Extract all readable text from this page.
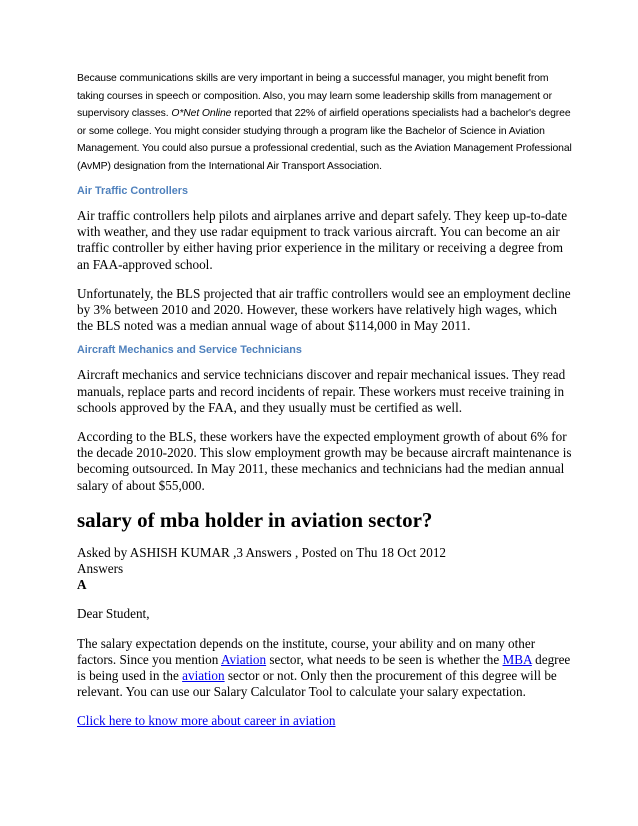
Because communications skills are very important in being a successful manager, you might benefit from taking courses in speech or composition. Also, you may learn some leadership skills from management or supervisory classes. O*Net Online reported that 22% of airfield operations specialists had a bachelor's degree or some college. You might consider studying through a program like the Bachelor of Science in Aviation Management. You could also pursue a professional credential, such as the Aviation Management Professional (AvMP) designation from the International Air Transport Association.

Air Traffic Controllers

Air traffic controllers help pilots and airplanes arrive and depart safely. They keep up-to-date with weather, and they use radar equipment to track various aircraft. You can become an air traffic controller by either having prior experience in the military or receiving a degree from an FAA-approved school.

Unfortunately, the BLS projected that air traffic controllers would see an employment decline by 3% between 2010 and 2020. However, these workers have relatively high wages, which the BLS noted was a median annual wage of about $114,000 in May 2011.

Aircraft Mechanics and Service Technicians

Aircraft mechanics and service technicians discover and repair mechanical issues. They read manuals, replace parts and record incidents of repair. These workers must receive training in schools approved by the FAA, and they usually must be certified as well.

According to the BLS, these workers have the expected employment growth of about 6% for the decade 2010-2020. This slow employment growth may be because aircraft maintenance is becoming outsourced. In May 2011, these mechanics and technicians had the median annual salary of about $55,000.

salary of mba holder in aviation sector?
Asked by ASHISH KUMAR ,3 Answers , Posted on Thu 18 Oct 2012
Answers
A

Dear Student,

The salary expectation depends on the institute, course, your ability and on many other factors. Since you mention Aviation sector, what needs to be seen is whether the MBA degree is being used in the aviation sector or not. Only then the procurement of this degree will be relevant. You can use our Salary Calculator Tool to calculate your salary expectation.

Click here to know more about career in aviation
